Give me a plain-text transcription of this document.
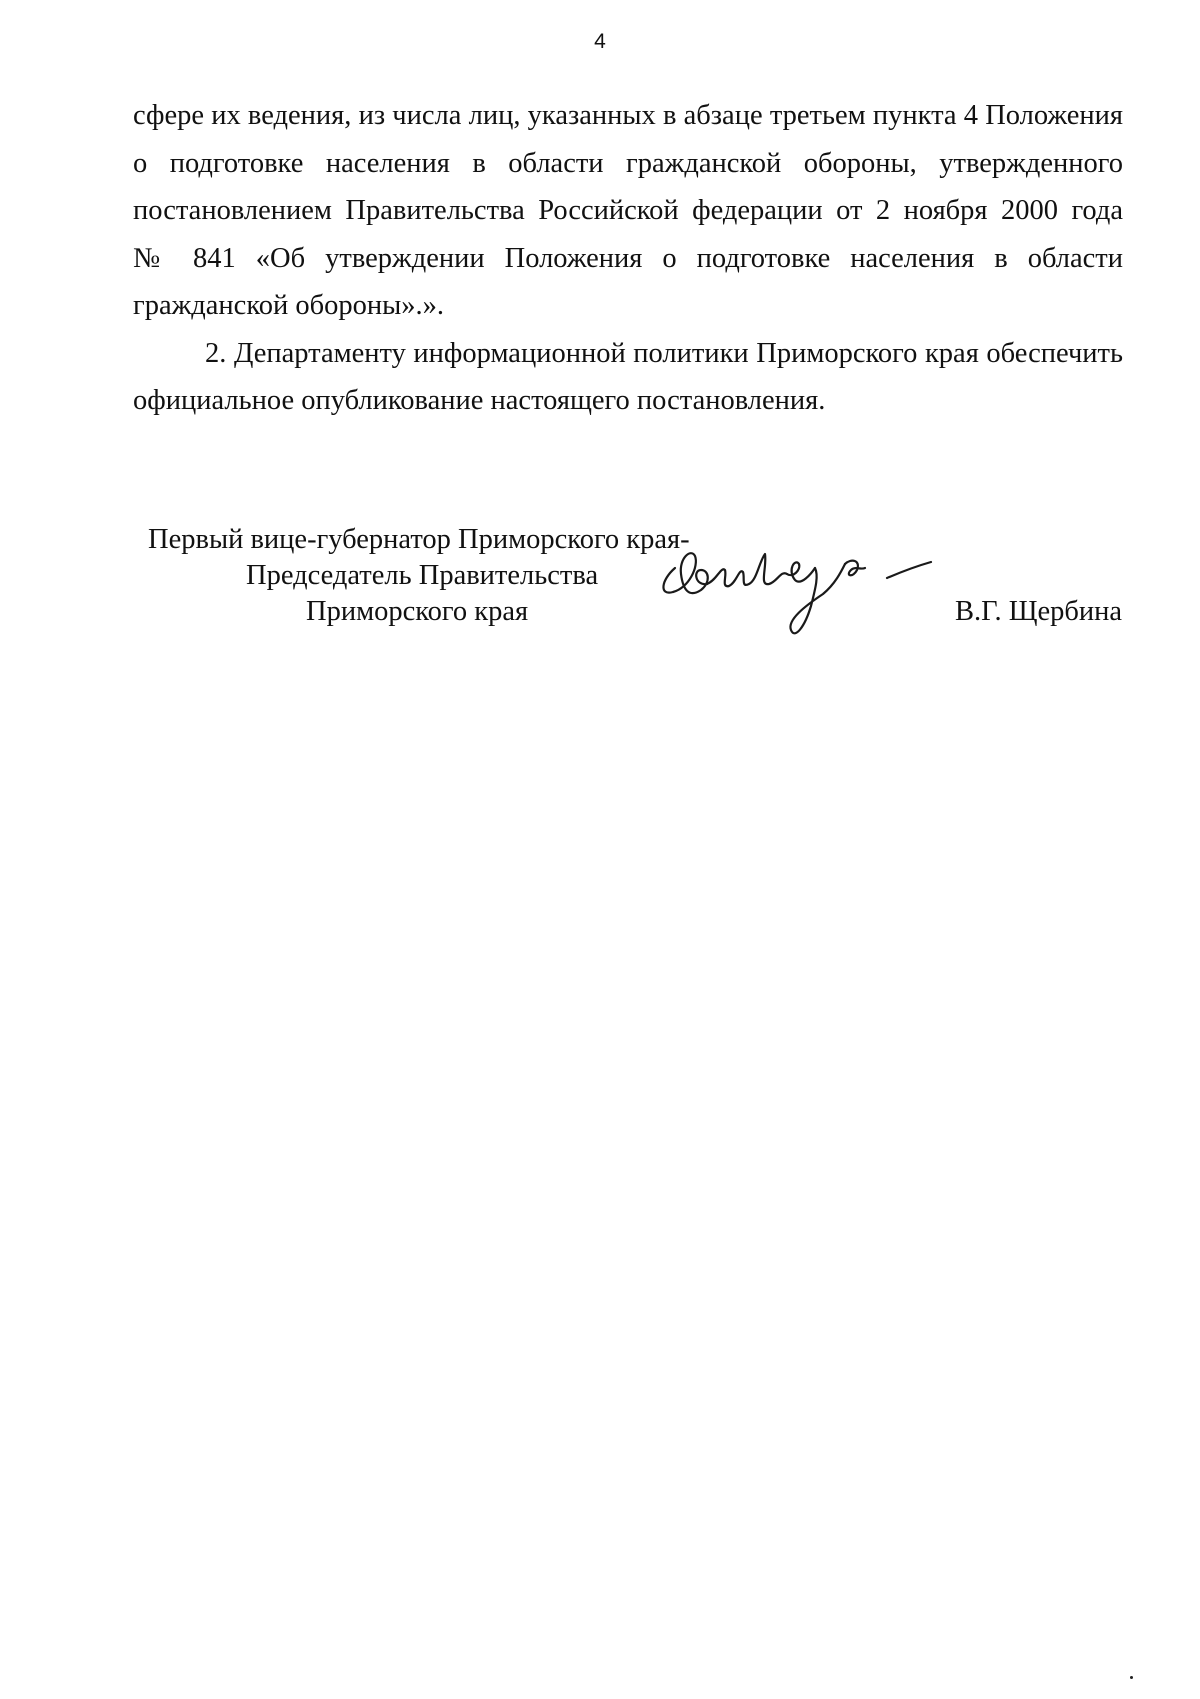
4

сфере их ведения, из числа лиц, указанных в абзаце третьем пункта 4 Положения
о подготовке населения в области гражданской обороны, утвержденного
постановлением Правительства Российской федерации от 2 ноября 2000 года
№ 841 «Об утверждении Положения о подготовке населения в области
гражданской обороны».».

2. Департаменту информационной политики Приморского края обеспечить
официальное опубликование настоящего постановления.

Первый вице-губернатор Приморского края-
Председатель Правительства
Приморского края	В.Г. Щербина
